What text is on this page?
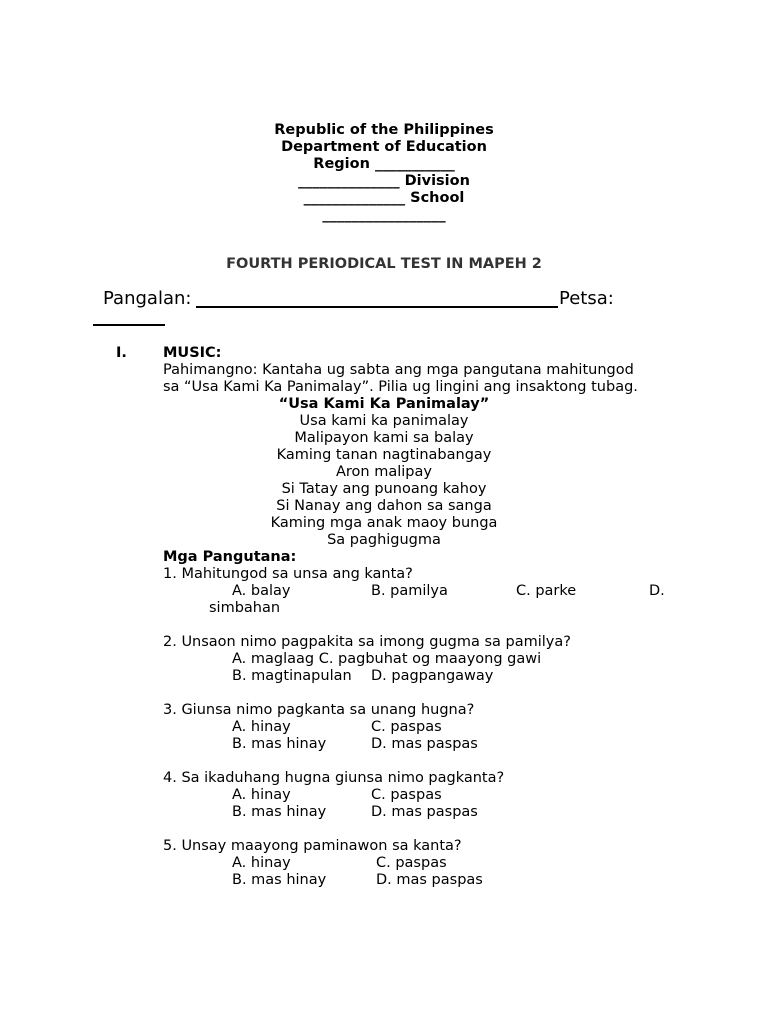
Republic of the Philippines
Department of Education
Region ___________
______________ Division
______________ School
_________________
FOURTH PERIODICAL TEST IN MAPEH 2
Pangalan:	Petsa:
I. MUSIC:
Pahimangno: Kantaha ug sabta ang mga pangutana mahitungod
sa “Usa Kami Ka Panimalay”. Pilia ug lingini ang insaktong tubag.
“Usa Kami Ka Panimalay”
Usa kami ka panimalay
Malipayon kami sa balay
Kaming tanan nagtinabangay
Aron malipay
Si Tatay ang punoang kahoy
Si Nanay ang dahon sa sanga
Kaming mga anak maoy bunga
Sa paghigugma
Mga Pangutana:
1. Mahitungod sa unsa ang kanta?
A. balay	B. pamilya	C. parke	D.
simbahan
2. Unsaon nimo pagpakita sa imong gugma sa pamilya?
A. maglaag C. pagbuhat og maayong gawi
B. magtinapulan D. pagpangaway
3. Giunsa nimo pagkanta sa unang hugna?
A. hinay	C. paspas
B. mas hinay	D. mas paspas
4. Sa ikaduhang hugna giunsa nimo pagkanta?
A. hinay	C. paspas
B. mas hinay	D. mas paspas
5. Unsay maayong paminawon sa kanta?
A. hinay	C. paspas
B. mas hinay	D. mas paspas
